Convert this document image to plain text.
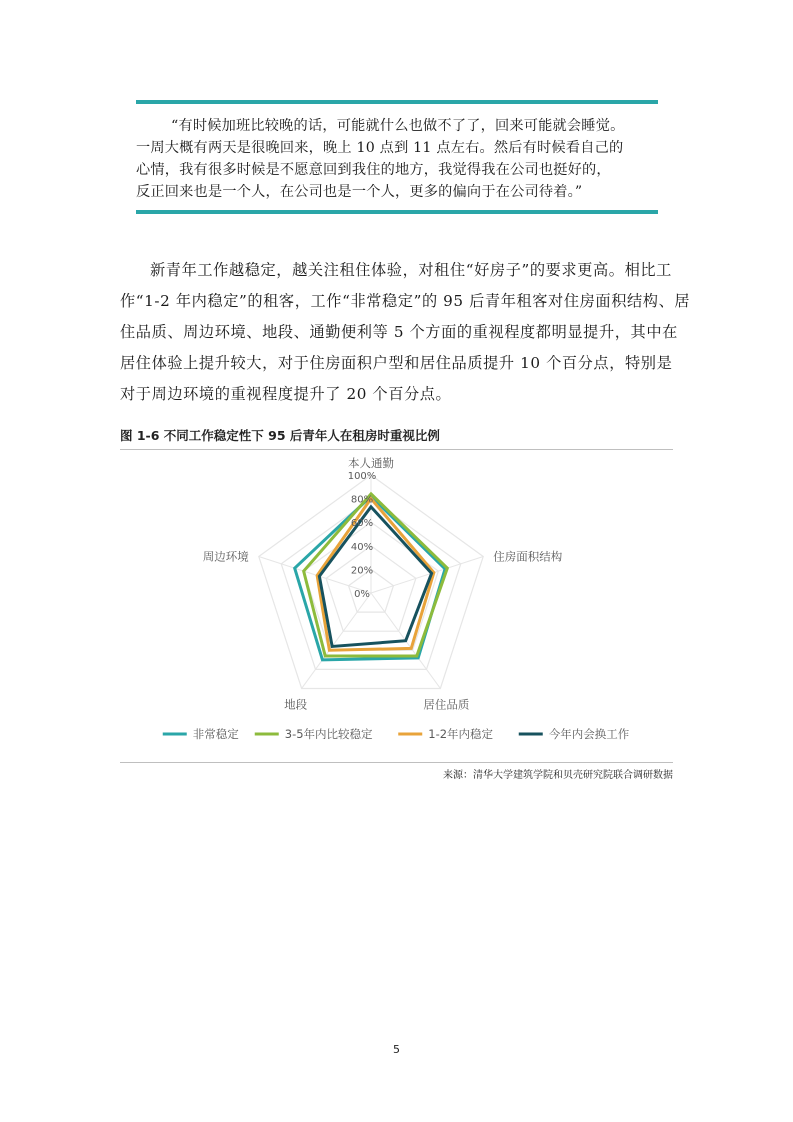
“有时候加班比较晚的话，可能就什么也做不了了，回来可能就会睡觉。
一周大概有两天是很晚回来，晚上 10 点到 11 点左右。然后有时候看自己的
心情，我有很多时候是不愿意回到我住的地方，我觉得我在公司也挺好的，
反正回来也是一个人，在公司也是一个人，更多的偏向于在公司待着。”
新青年工作越稳定，越关注租住体验，对租住“好房子”的要求更高。相比工
作“1-2 年内稳定”的租客，工作“非常稳定”的 95 后青年租客对住房面积结构、居
住品质、周边环境、地段、通勤便利等 5 个方面的重视程度都明显提升，其中在
居住体验上提升较大，对于住房面积户型和居住品质提升 10 个百分点，特别是
对于周边环境的重视程度提升了 20 个百分点。
图 1-6 不同工作稳定性下 95 后青年人在租房时重视比例
0%
20%
40%
60%
80%
100%
本人通勤
住房面积结构
居住品质
地段
周边环境
非常稳定	3-5年内比较稳定	1-2年内稳定	今年内会换工作
来源：清华大学建筑学院和贝壳研究院联合调研数据
5
